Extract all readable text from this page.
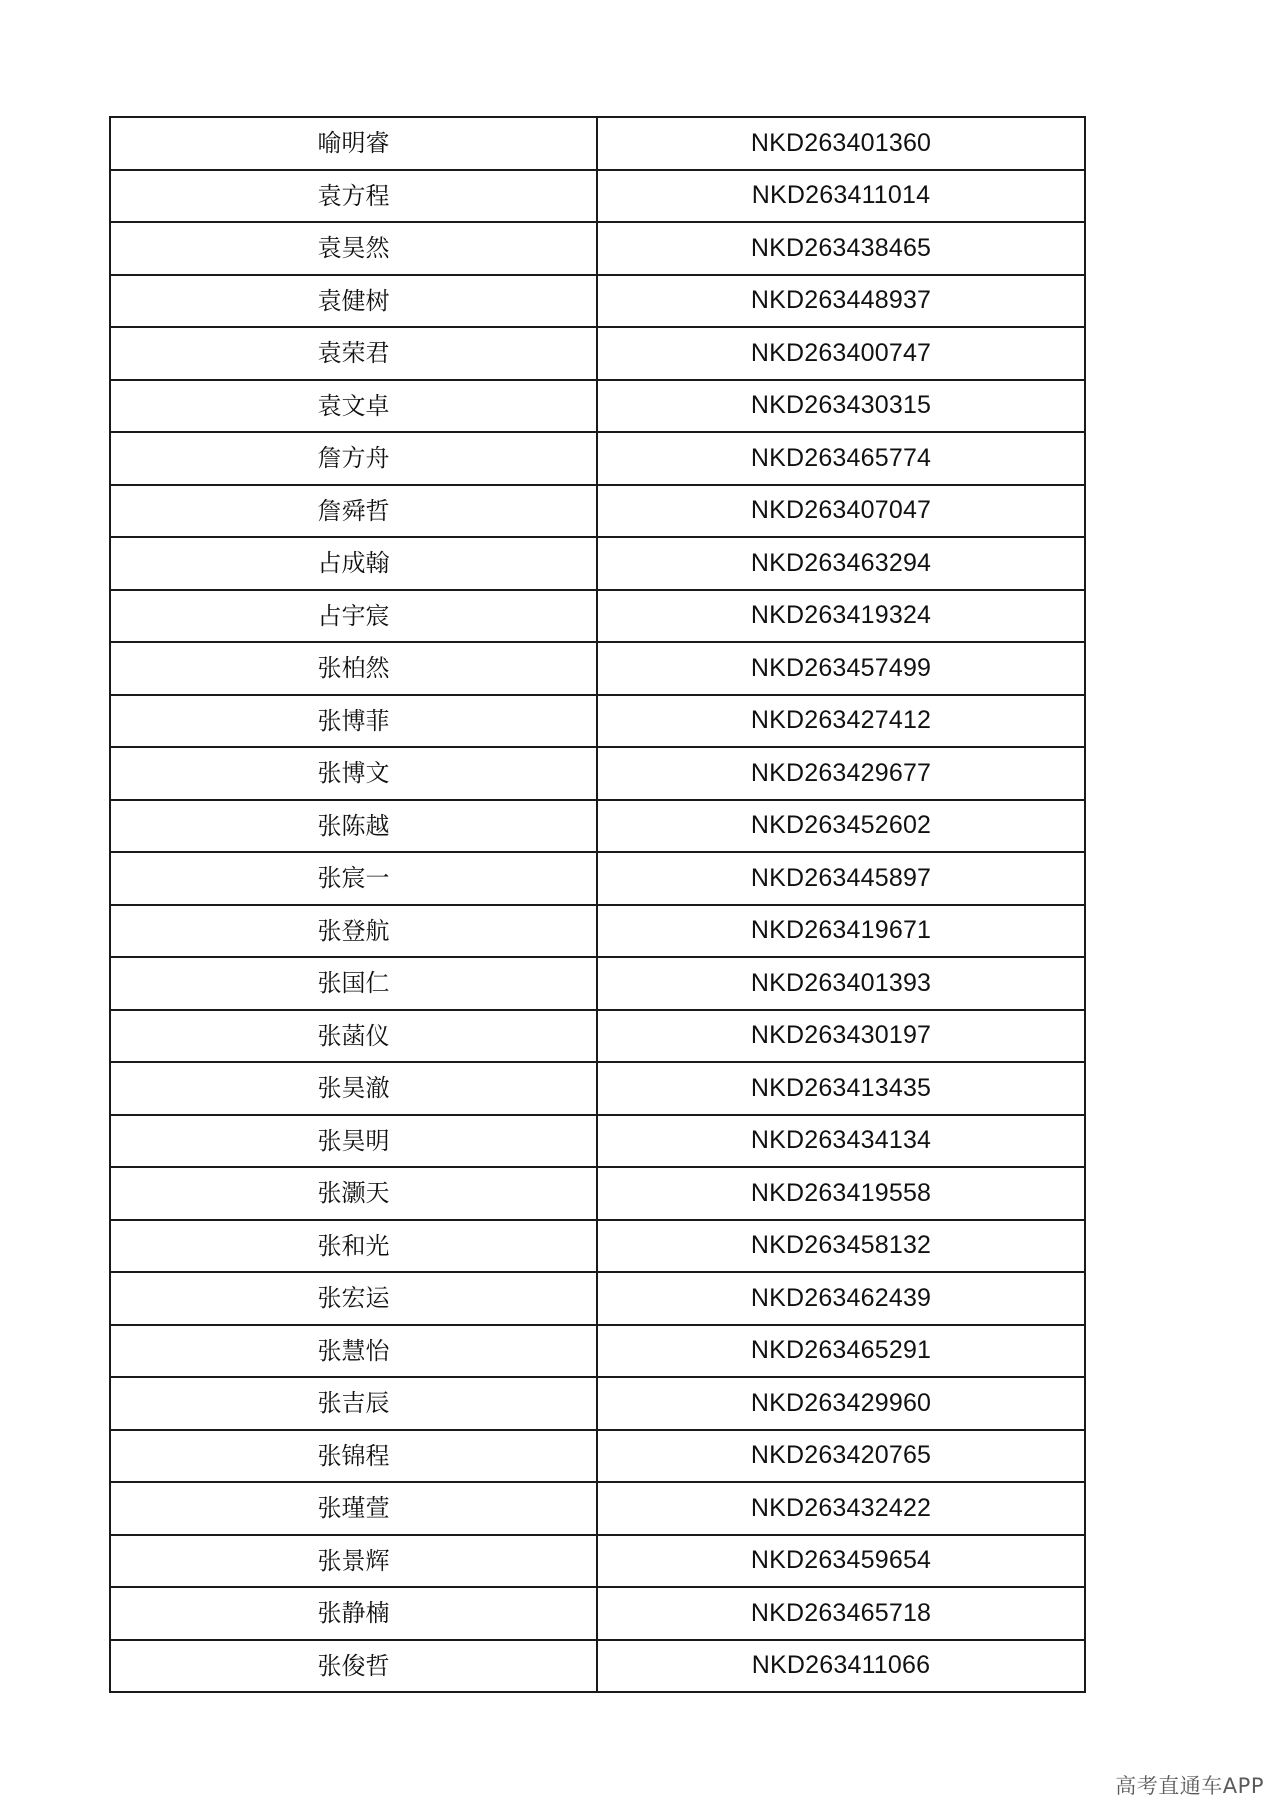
喻明睿	NKD263401360
袁方程	NKD263411014
袁昊然	NKD263438465
袁健树	NKD263448937
袁荣君	NKD263400747
袁文卓	NKD263430315
詹方舟	NKD263465774
詹舜哲	NKD263407047
占成翰	NKD263463294
占宇宸	NKD263419324
张柏然	NKD263457499
张博菲	NKD263427412
张博文	NKD263429677
张陈越	NKD263452602
张宸一	NKD263445897
张登航	NKD263419671
张国仁	NKD263401393
张菡仪	NKD263430197
张昊澈	NKD263413435
张昊明	NKD263434134
张灏天	NKD263419558
张和光	NKD263458132
张宏运	NKD263462439
张慧怡	NKD263465291
张吉辰	NKD263429960
张锦程	NKD263420765
张瑾萱	NKD263432422
张景辉	NKD263459654
张静楠	NKD263465718
张俊哲	NKD263411066
高考直通车APP
